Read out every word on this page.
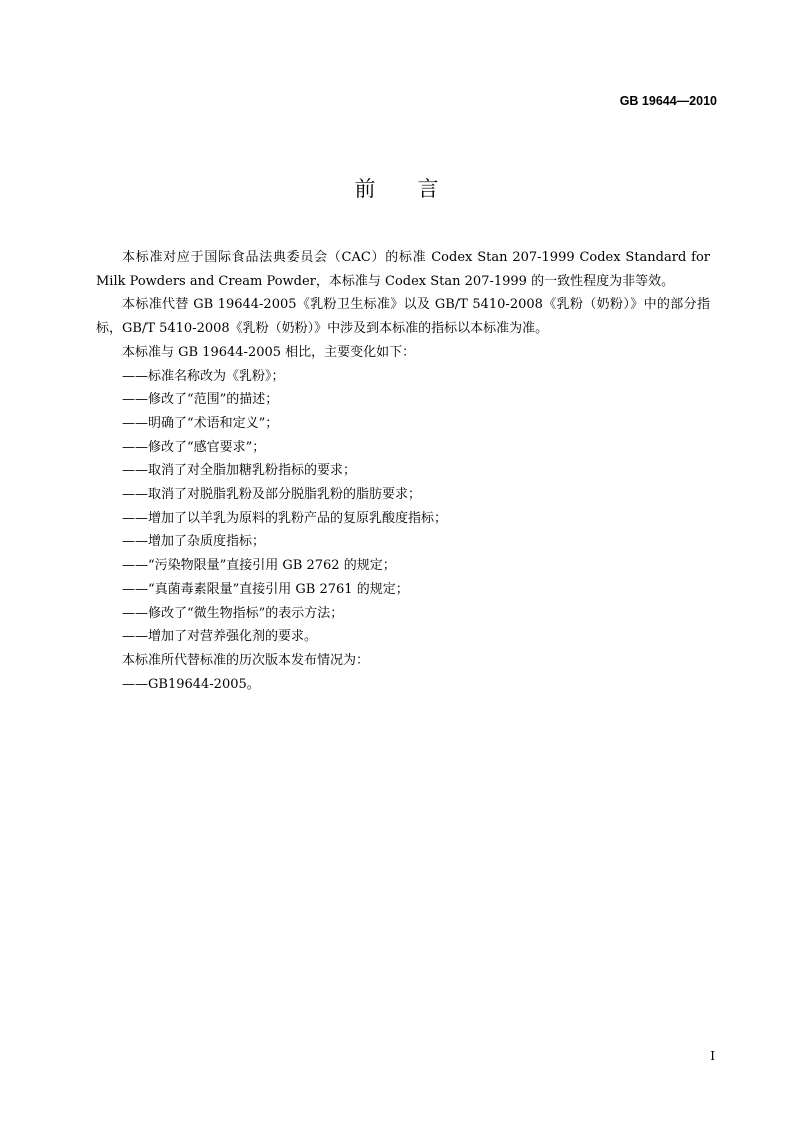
GB 19644—2010
前言

本标准对应于国际食品法典委员会（CAC）的标准 Codex Stan 207-1999 Codex Standard for Milk Powders and Cream Powder，本标准与 Codex Stan 207-1999 的一致性程度为非等效。

本标准代替 GB 19644-2005《乳粉卫生标准》以及 GB/T 5410-2008《乳粉（奶粉）》中的部分指标，GB/T 5410-2008《乳粉（奶粉）》中涉及到本标准的指标以本标准为准。

本标准与 GB 19644-2005 相比，主要变化如下：

——标准名称改为《乳粉》；
——修改了“范围”的描述；
——明确了“术语和定义”；
——修改了“感官要求”；
——取消了对全脂加糖乳粉指标的要求；
——取消了对脱脂乳粉及部分脱脂乳粉的脂肪要求；
——增加了以羊乳为原料的乳粉产品的复原乳酸度指标；
——增加了杂质度指标；
——“污染物限量”直接引用 GB 2762 的规定；
——“真菌毒素限量”直接引用 GB 2761 的规定；
——修改了“微生物指标”的表示方法；
——增加了对营养强化剂的要求。

本标准所代替标准的历次版本发布情况为：

——GB19644-2005。
I
